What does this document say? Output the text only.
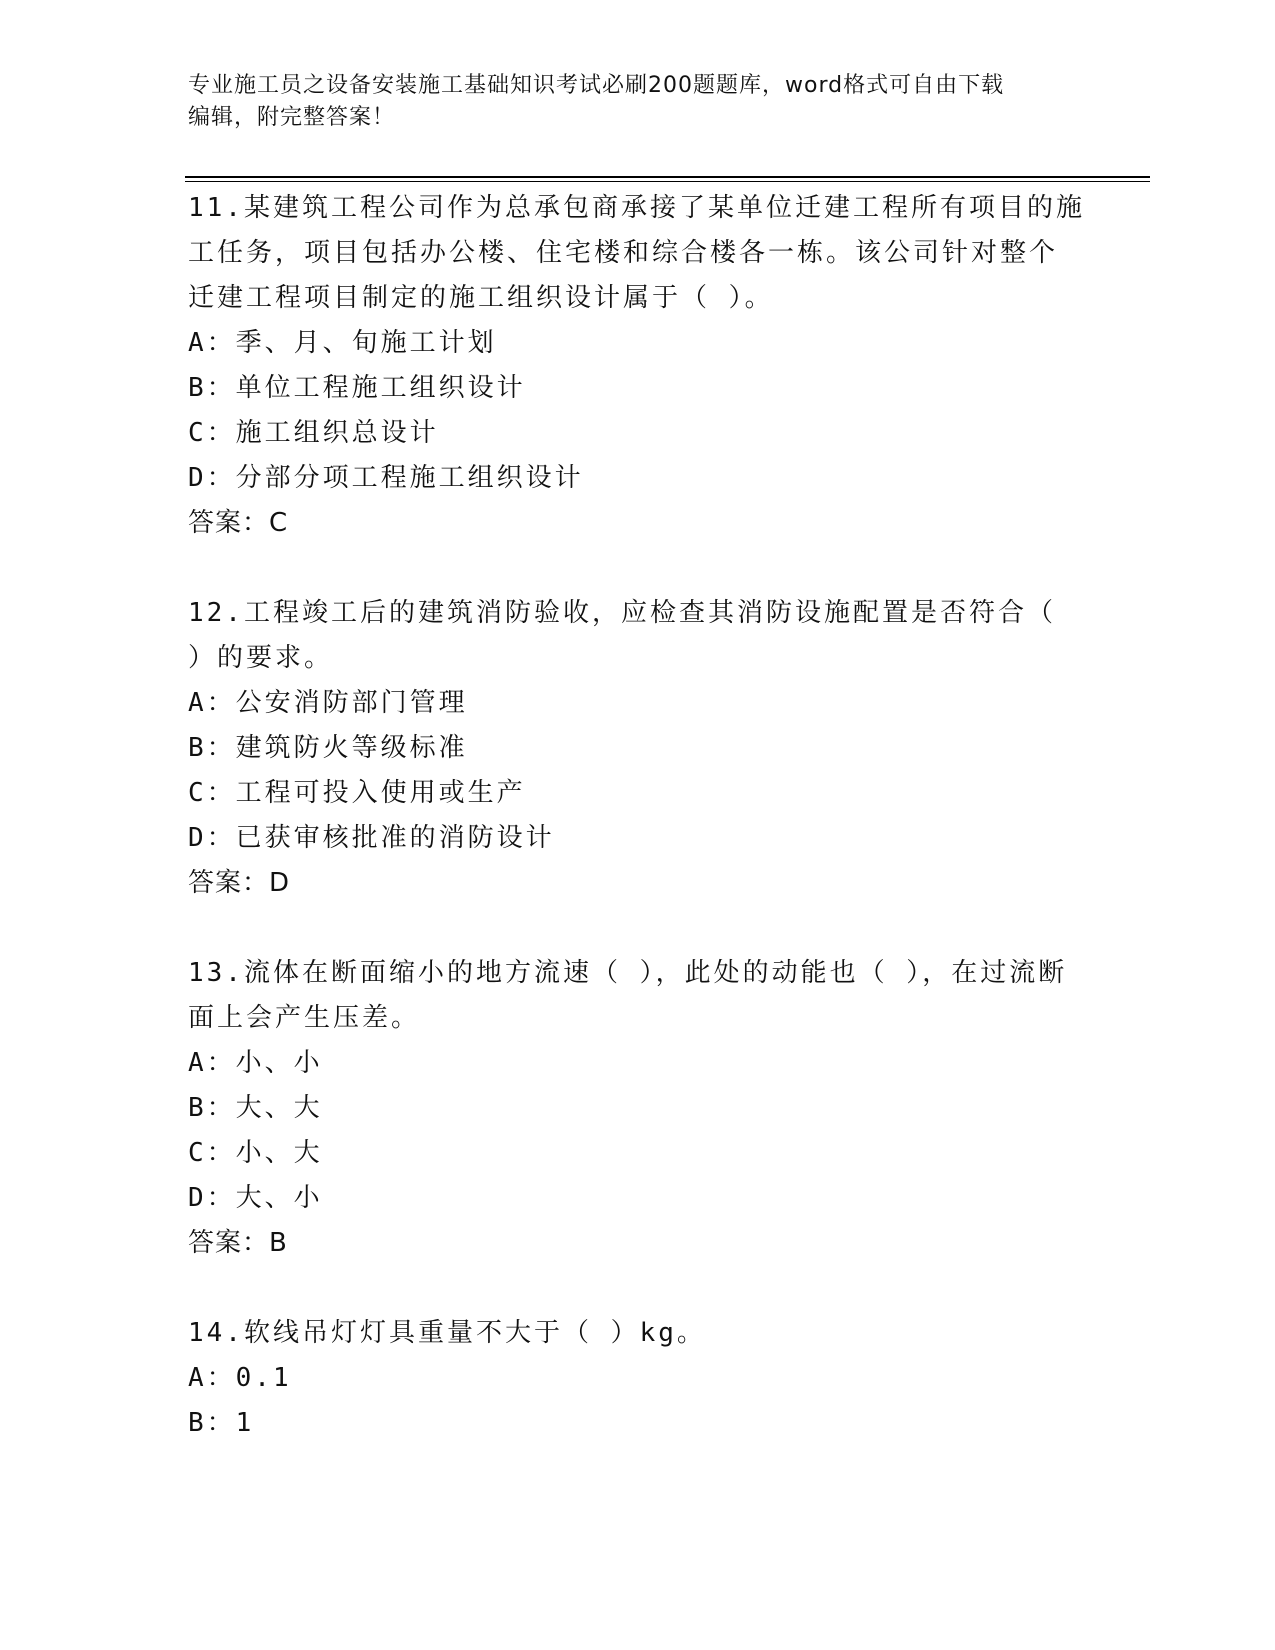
专业施工员之设备安装施工基础知识考试必刷200题题库，word格式可自由下载
编辑，附完整答案！
11.某建筑工程公司作为总承包商承接了某单位迁建工程所有项目的施
工任务，项目包括办公楼、住宅楼和综合楼各一栋。该公司针对整个
迁建工程项目制定的施工组织设计属于（ ）。
A：季、月、旬施工计划
B：单位工程施工组织设计
C：施工组织总设计
D：分部分项工程施工组织设计
答案：C
12.工程竣工后的建筑消防验收，应检查其消防设施配置是否符合（
）的要求。
A：公安消防部门管理
B：建筑防火等级标准
C：工程可投入使用或生产
D：已获审核批准的消防设计
答案：D
13.流体在断面缩小的地方流速（ ），此处的动能也（ ），在过流断
面上会产生压差。
A：小、小
B：大、大
C：小、大
D：大、小
答案：B
14.软线吊灯灯具重量不大于（ ）kg。
A：0.1
B：1
